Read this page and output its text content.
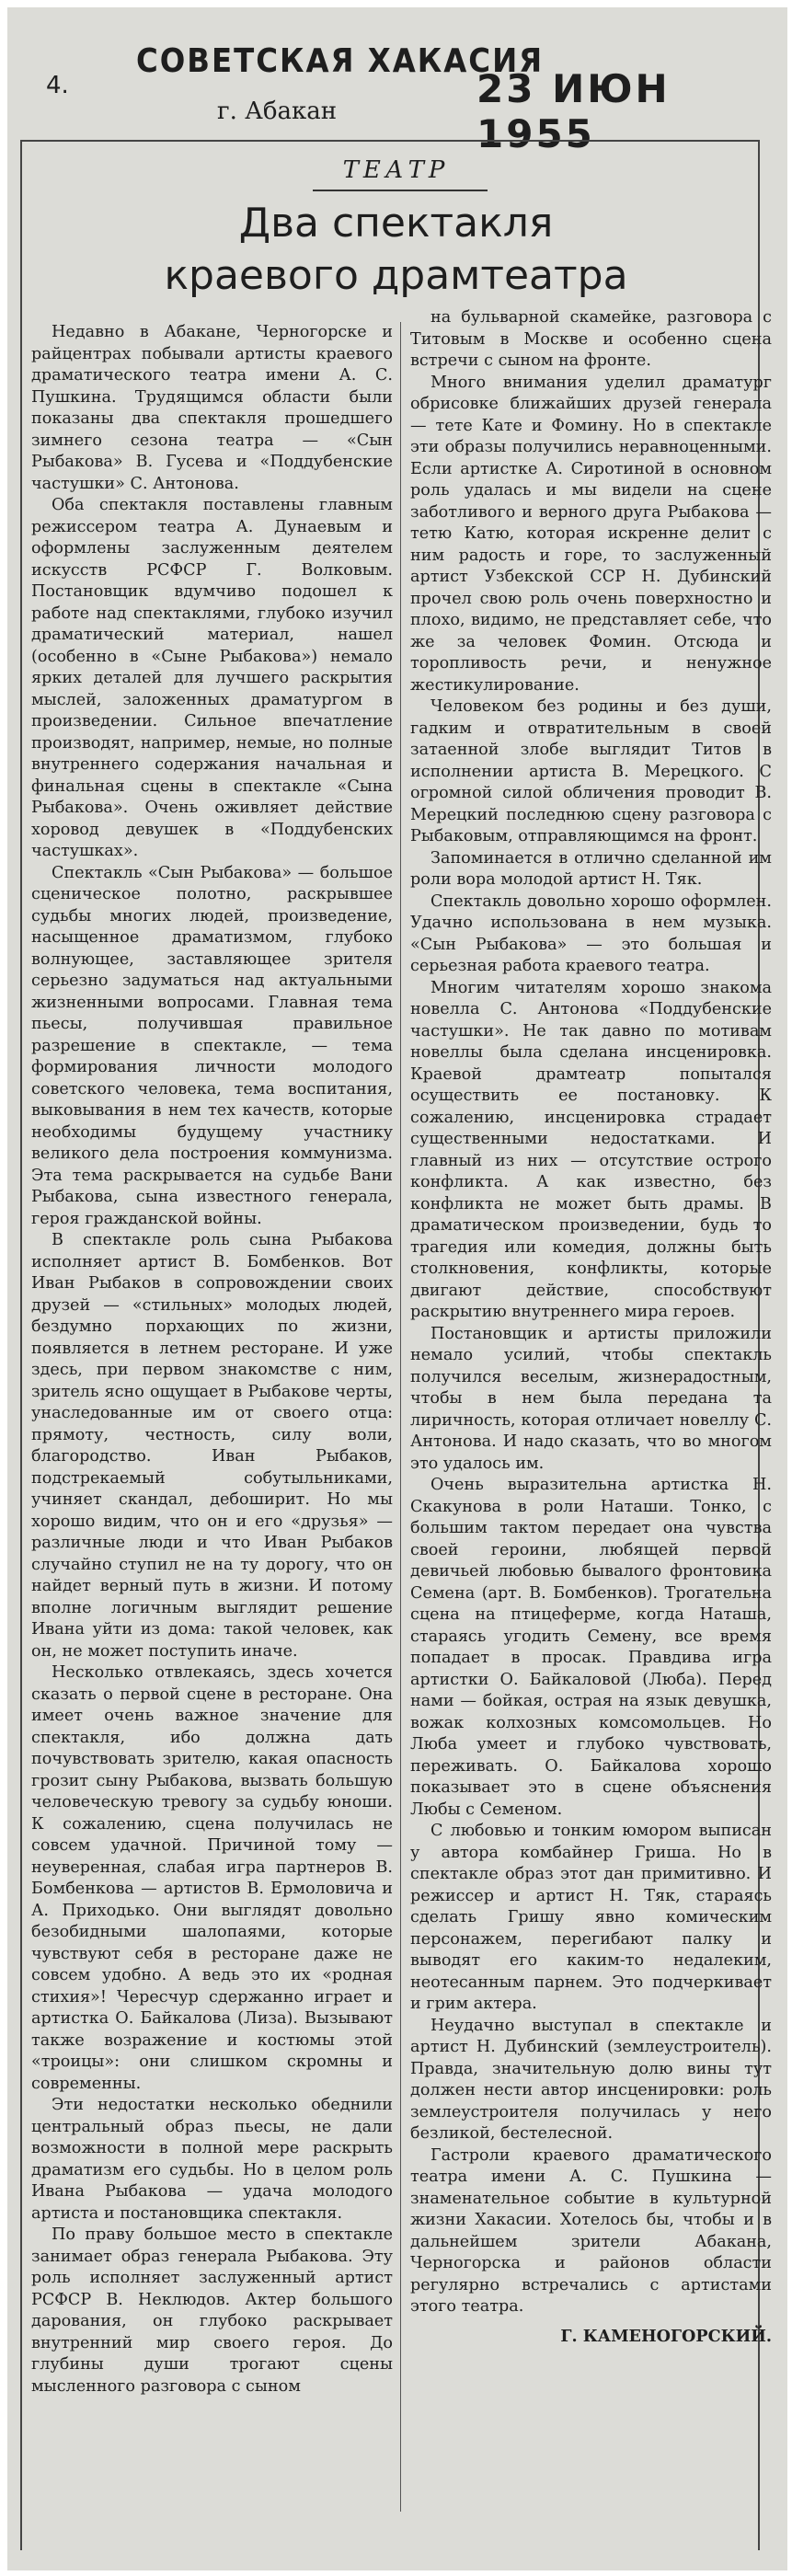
4.
СОВЕТСКАЯ ХАКАСИЯ
г. Абакан	23 ИЮН 1955
ТЕАТР
Два спектакля
краевого драмтеатра

Недавно в Абакане, Черногорске и райцентрах побывали артисты краевого драматического театра имени А. С. Пушкина. Трудящимся области были показаны два спектакля прошедшего зимнего сезона театра — «Сын Рыбакова» В. Гусева и «Поддубенские частушки» С. Антонова.

Оба спектакля поставлены главным режиссером театра А. Дунаевым и оформлены заслуженным деятелем искусств РСФСР Г. Волковым. Постановщик вдумчиво подошел к работе над спектаклями, глубоко изучил драматический материал, нашел (особенно в «Сыне Рыбакова») немало ярких деталей для лучшего раскрытия мыслей, заложенных драматургом в произведении. Сильное впечатление производят, например, немые, но полные внутреннего содержания начальная и финальная сцены в спектакле «Сына Рыбакова». Очень оживляет действие хоровод девушек в «Поддубенских частушках».

Спектакль «Сын Рыбакова» — большое сценическое полотно, раскрывшее судьбы многих людей, произведение, насыщенное драматизмом, глубоко волнующее, заставляющее зрителя серьезно задуматься над актуальными жизненными вопросами. Главная тема пьесы, получившая правильное разрешение в спектакле, — тема формирования личности молодого советского человека, тема воспитания, выковывания в нем тех качеств, которые необходимы будущему участнику великого дела построения коммунизма. Эта тема раскрывается на судьбе Вани Рыбакова, сына известного генерала, героя гражданской войны.

В спектакле роль сына Рыбакова исполняет артист В. Бомбенков. Вот Иван Рыбаков в сопровождении своих друзей — «стильных» молодых людей, бездумно порхающих по жизни, появляется в летнем ресторане. И уже здесь, при первом знакомстве с ним, зритель ясно ощущает в Рыбакове черты, унаследованные им от своего отца: прямоту, честность, силу воли, благородство. Иван Рыбаков, подстрекаемый собутыльниками, учиняет скандал, дебоширит. Но мы хорошо видим, что он и его «друзья» — различные люди и что Иван Рыбаков случайно ступил не на ту дорогу, что он найдет верный путь в жизни. И потому вполне логичным выглядит решение Ивана уйти из дома: такой человек, как он, не может поступить иначе.

Несколько отвлекаясь, здесь хочется сказать о первой сцене в ресторане. Она имеет очень важное значение для спектакля, ибо должна дать почувствовать зрителю, какая опасность грозит сыну Рыбакова, вызвать большую человеческую тревогу за судьбу юноши. К сожалению, сцена получилась не совсем удачной. Причиной тому — неуверенная, слабая игра партнеров В. Бомбенкова — артистов В. Ермоловича и А. Приходько. Они выглядят довольно безобидными шалопаями, которые чувствуют себя в ресторане даже не совсем удобно. А ведь это их «родная стихия»! Чересчур сдержанно играет и артистка О. Байкалова (Лиза). Вызывают также возражение и костюмы этой «троицы»: они слишком скромны и современны.

Эти недостатки несколько обеднили центральный образ пьесы, не дали возможности в полной мере раскрыть драматизм его судьбы. Но в целом роль Ивана Рыбакова — удача молодого артиста и постановщика спектакля.

По праву большое место в спектакле занимает образ генерала Рыбакова. Эту роль исполняет заслуженный артист РСФСР В. Неклюдов. Актер большого дарования, он глубоко раскрывает внутренний мир своего героя. До глубины души трогают сцены мысленного разговора с сыном

на бульварной скамейке, разговора с Титовым в Москве и особенно сцена встречи с сыном на фронте.

Много внимания уделил драматург обрисовке ближайших друзей генерала — тете Кате и Фомину. Но в спектакле эти образы получились неравноценными. Если артистке А. Сиротиной в основном роль удалась и мы видели на сцене заботливого и верного друга Рыбакова — тетю Катю, которая искренне делит с ним радость и горе, то заслуженный артист Узбекской ССР Н. Дубинский прочел свою роль очень поверхностно и плохо, видимо, не представляет себе, что же за человек Фомин. Отсюда и торопливость речи, и ненужное жестикулирование.

Человеком без родины и без души, гадким и отвратительным в своей затаенной злобе выглядит Титов в исполнении артиста В. Мерецкого. С огромной силой обличения проводит В. Мерецкий последнюю сцену разговора с Рыбаковым, отправляющимся на фронт.

Запоминается в отлично сделанной им роли вора молодой артист Н. Тяк.

Спектакль довольно хорошо оформлен. Удачно использована в нем музыка. «Сын Рыбакова» — это большая и серьезная работа краевого театра.

Многим читателям хорошо знакома новелла С. Антонова «Поддубенские частушки». Не так давно по мотивам новеллы была сделана инсценировка. Краевой драмтеатр попытался осуществить ее постановку. К сожалению, инсценировка страдает существенными недостатками. И главный из них — отсутствие острого конфликта. А как известно, без конфликта не может быть драмы. В драматическом произведении, будь то трагедия или комедия, должны быть столкновения, конфликты, которые двигают действие, способствуют раскрытию внутреннего мира героев.

Постановщик и артисты приложили немало усилий, чтобы спектакль получился веселым, жизнерадостным, чтобы в нем была передана та лиричность, которая отличает новеллу С. Антонова. И надо сказать, что во многом это удалось им.

Очень выразительна артистка Н. Скакунова в роли Наташи. Тонко, с большим тактом передает она чувства своей героини, любящей первой девичьей любовью бывалого фронтовика Семена (арт. В. Бомбенков). Трогательна сцена на птицеферме, когда Наташа, стараясь угодить Семену, все время попадает в просак. Правдива игра артистки О. Байкаловой (Люба). Перед нами — бойкая, острая на язык девушка, вожак колхозных комсомольцев. Но Люба умеет и глубоко чувствовать, переживать. О. Байкалова хорошо показывает это в сцене объяснения Любы с Семеном.

С любовью и тонким юмором выписан у автора комбайнер Гриша. Но в спектакле образ этот дан примитивно. И режиссер и артист Н. Тяк, стараясь сделать Гришу явно комическим персонажем, перегибают палку и выводят его каким-то недалеким, неотесанным парнем. Это подчеркивает и грим актера.

Неудачно выступал в спектакле и артист Н. Дубинский (землеустроитель). Правда, значительную долю вины тут должен нести автор инсценировки: роль землеустроителя получилась у него безликой, бестелесной.

Гастроли краевого драматического театра имени А. С. Пушкина — знаменательное событие в культурной жизни Хакасии. Хотелось бы, чтобы и в дальнейшем зрители Абакана, Черногорска и районов области регулярно встречались с артистами этого театра.

Г. КАМЕНОГОРСКИЙ.
